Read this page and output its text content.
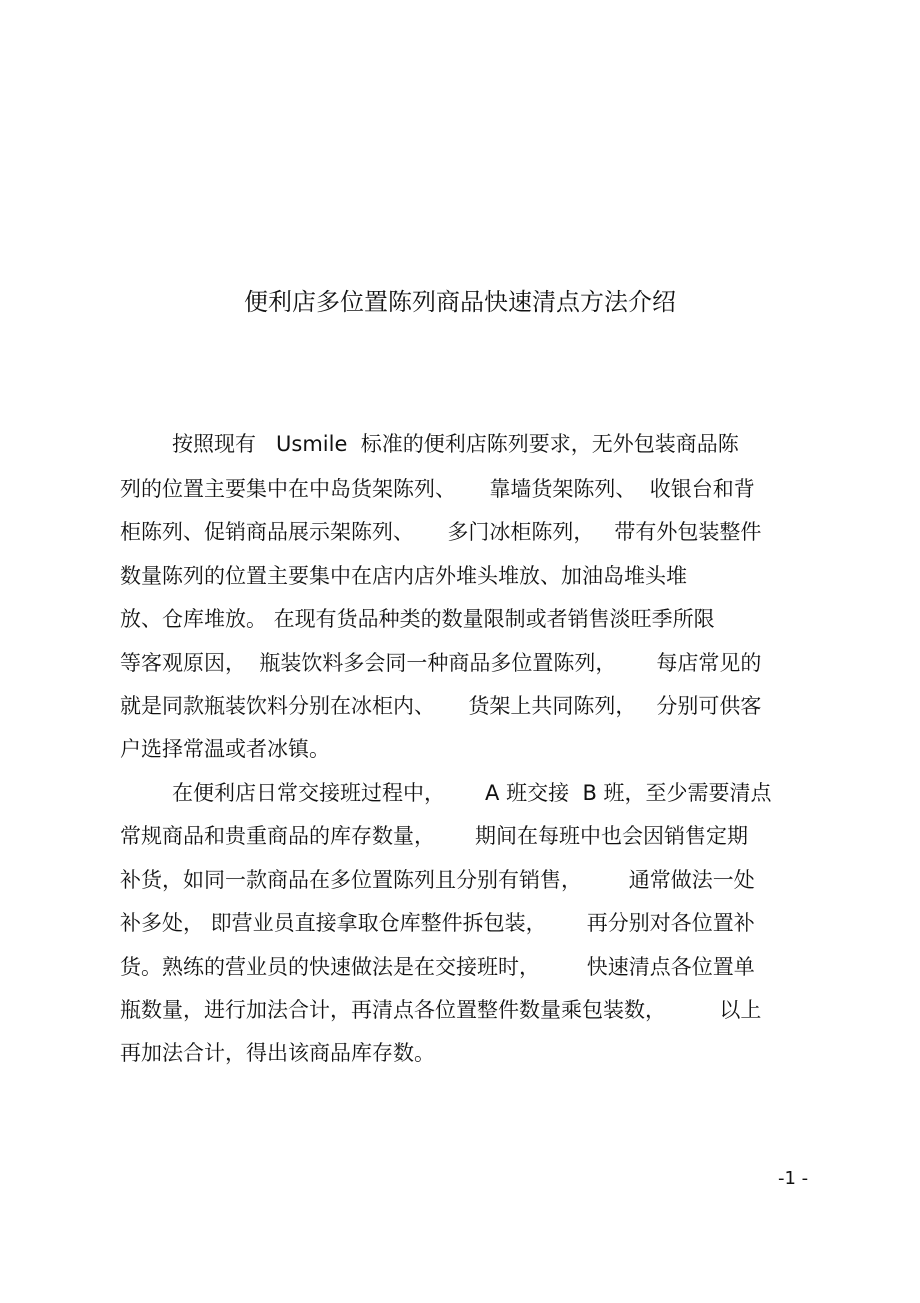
便利店多位置陈列商品快速清点方法介绍
按照现有   Usmile  标准的便利店陈列要求，无外包装商品陈
列的位置主要集中在中岛货架陈列、     靠墙货架陈列、  收银台和背
柜陈列、促销商品展示架陈列、     多门冰柜陈列，   带有外包装整件
数量陈列的位置主要集中在店内店外堆头堆放、加油岛堆头堆
放、仓库堆放。 在现有货品种类的数量限制或者销售淡旺季所限
等客观原因，  瓶装饮料多会同一种商品多位置陈列，      每店常见的
就是同款瓶装饮料分别在冰柜内、     货架上共同陈列，   分别可供客
户选择常温或者冰镇。
在便利店日常交接班过程中，      A 班交接  B 班，至少需要清点
常规商品和贵重商品的库存数量，      期间在每班中也会因销售定期
补货，如同一款商品在多位置陈列且分别有销售，       通常做法一处
补多处， 即营业员直接拿取仓库整件拆包装，      再分别对各位置补
货。熟练的营业员的快速做法是在交接班时，       快速清点各位置单
瓶数量，进行加法合计，再清点各位置整件数量乘包装数，        以上
再加法合计，得出该商品库存数。
-1 -
